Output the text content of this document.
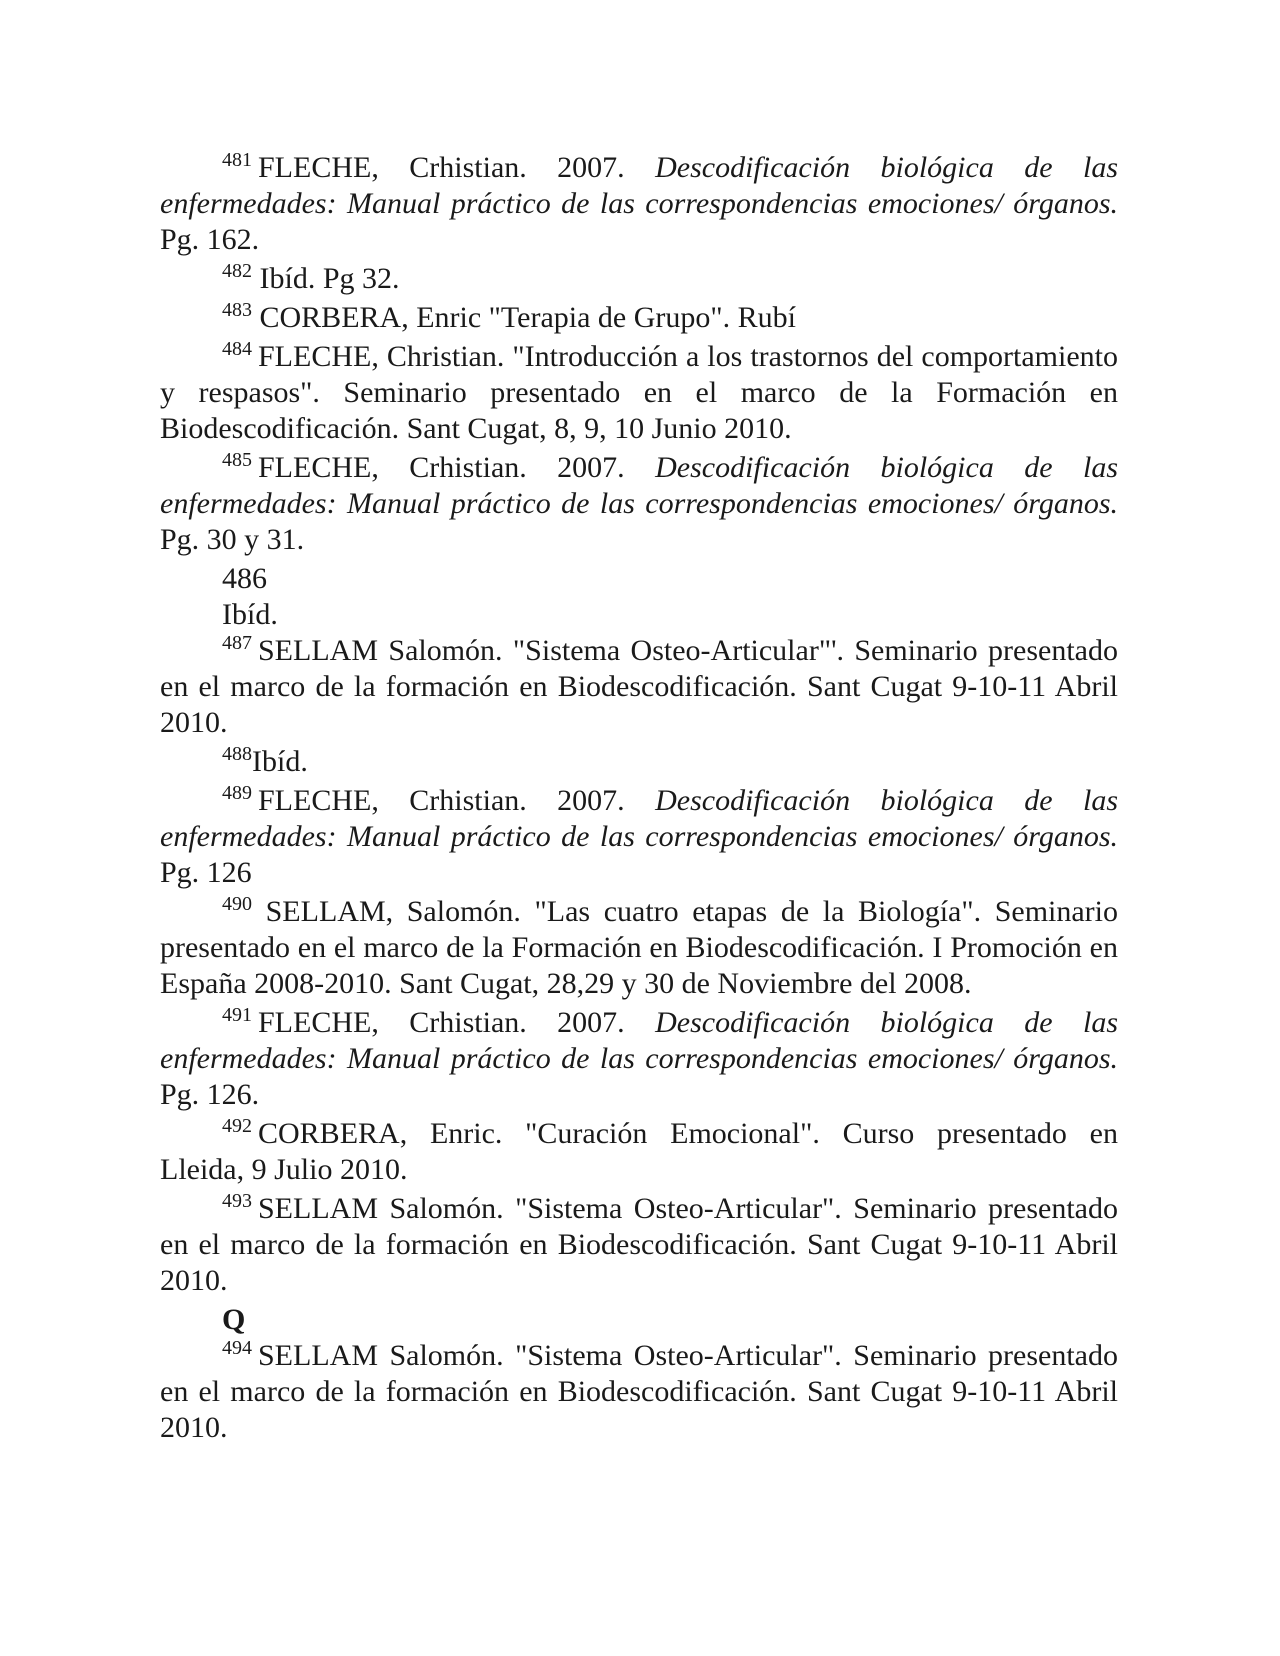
$^{481}$ FLECHE, Crhistian. 2007. Descodificación biológica de las enfermedades: Manual práctico de las correspondencias emociones/ órganos. Pg. 162.

$^{482}$ Ibíd. Pg 32.

$^{483}$ CORBERA, Enric "Terapia de Grupo". Rubí

$^{484}$ FLECHE, Christian. "Introducción a los trastornos del comportamiento y respasos". Seminario presentado en el marco de la Formación en Biodescodificación. Sant Cugat, 8, 9, 10 Junio 2010.

$^{485}$ FLECHE, Crhistian. 2007. Descodificación biológica de las enfermedades: Manual práctico de las correspondencias emociones/ órganos. Pg. 30 y 31.

486

Ibíd.

$^{487}$ SELLAM Salomón. "Sistema Osteo-Articular"'. Seminario presentado en el marco de la formación en Biodescodificación. Sant Cugat 9-10-11 Abril 2010.

$^{488}$Ibíd.

$^{489}$ FLECHE, Crhistian. 2007. Descodificación biológica de las enfermedades: Manual práctico de las correspondencias emociones/ órganos. Pg. 126

$^{490}$ SELLAM, Salomón. "Las cuatro etapas de la Biología". Seminario presentado en el marco de la Formación en Biodescodificación. I Promoción en España 2008-2010. Sant Cugat, 28,29 y 30 de Noviembre del 2008.

$^{491}$ FLECHE, Crhistian. 2007. Descodificación biológica de las enfermedades: Manual práctico de las correspondencias emociones/ órganos. Pg. 126.

$^{492}$ CORBERA, Enric. "Curación Emocional". Curso presentado en Lleida, 9 Julio 2010.

$^{493}$ SELLAM Salomón. "Sistema Osteo-Articular". Seminario presentado en el marco de la formación en Biodescodificación. Sant Cugat 9-10-11 Abril 2010.

Q

$^{494}$ SELLAM Salomón. "Sistema Osteo-Articular". Seminario presentado en el marco de la formación en Biodescodificación. Sant Cugat 9-10-11 Abril 2010.
